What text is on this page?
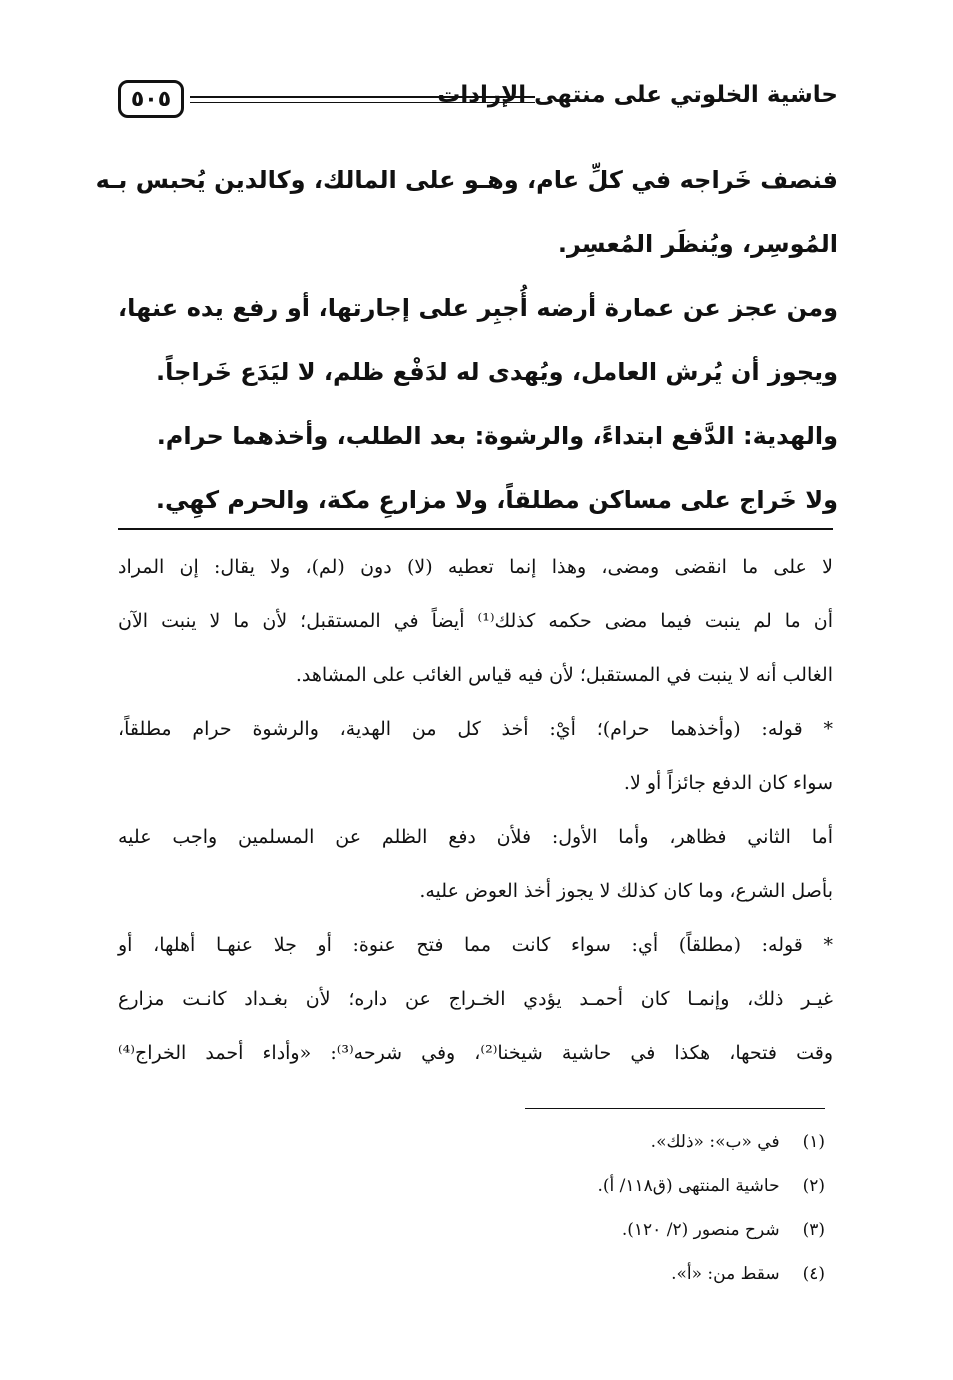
٥٠٥	حاشية الخلوتي على منتهى الإرادات
فنصف خَراجه في كلِّ عام، وهـو على المالك، وكالدين يُحبس بـه
المُوسِر، ويُنظَر المُعسِر.
ومن عجز عن عمارة أرضه أُجبِر على إجارتها، أو رفع يده عنها،
ويجوز أن يُرش العامل، ويُهدى له لدَفْع ظلم، لا ليَدَع خَراجاً.
والهدية: الدَّفع ابتداءً، والرشوة: بعد الطلب، وأخذهما حرام.
ولا خَراج على مساكن مطلقاً، ولا مزارعِ مكة، والحرم كهِي.
لا على ما انقضى ومضى، وهذا إنما تعطيه (لا) دون (لم)، ولا يقال: إن المراد
أن ما لم ينبت فيما مضى حكمه كذلك⁽¹⁾ أيضاً في المستقبل؛ لأن ما لا ينبت الآن
الغالب أنه لا ينبت في المستقبل؛ لأن فيه قياس الغائب على المشاهد.
* قوله: (وأخذهما حرام)؛ أيْ: أخذ كل من الهدية، والرشوة حرام مطلقاً،
سواء كان الدفع جائزاً أو لا.
أما الثاني فظاهر، وأما الأول: فلأن دفع الظلم عن المسلمين واجب عليه
بأصل الشرع، وما كان كذلك لا يجوز أخذ العوض عليه.
* قوله: (مطلقاً) أي: سواء كانت مما فتح عنوة: أو جلا عنهـا أهلها، أو
غيـر ذلك، وإنمـا كان أحمـد يؤدي الخـراج عن داره؛ لأن بغـداد كانـت مزارع
وقت فتحها، هكذا في حاشية شيخنا⁽²⁾، وفي شرحه⁽³⁾: «وأداء أحمد الخراج⁽⁴⁾
(١) في «ب»: «ذلك».
(٢) حاشية المنتهى (ق١١٨/ أ).
(٣) شرح منصور (٢/ ١٢٠).
(٤) سقط من: «أ».
